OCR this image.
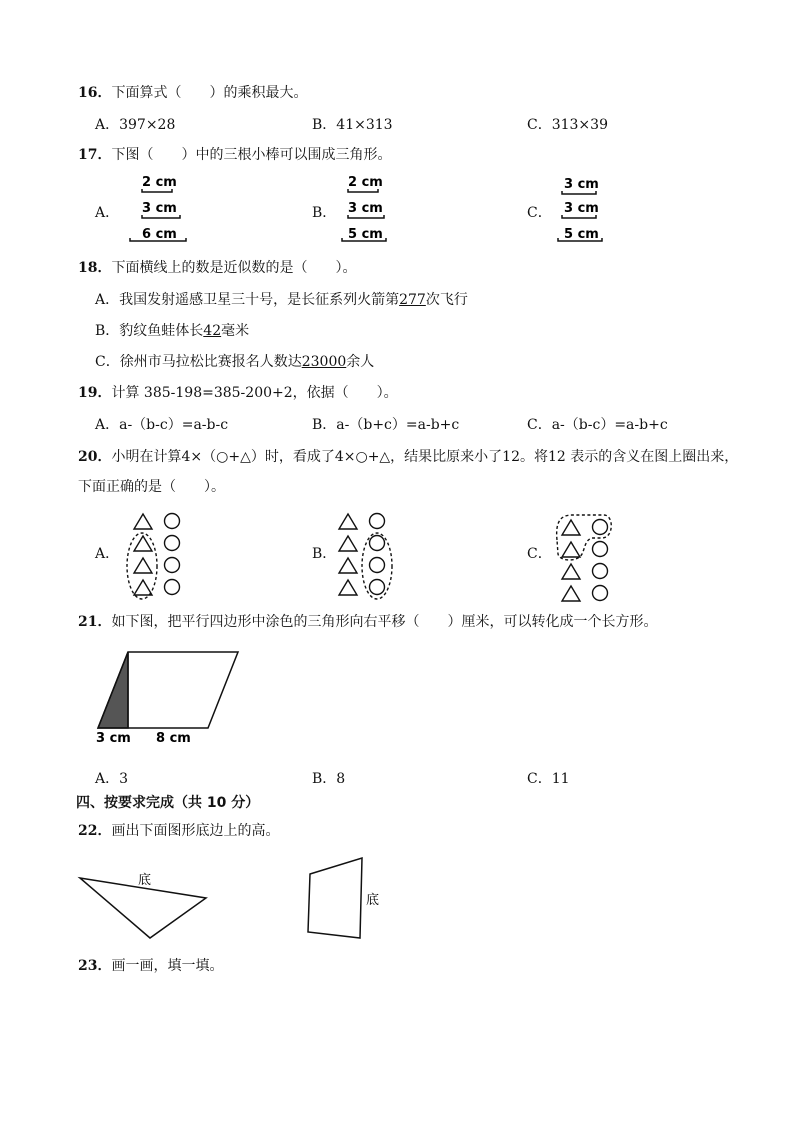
16．下面算式（　　）的乘积最大。
A．397×28	B．41×313	C．313×39
17．下图（　　）中的三根小棒可以围成三角形。
A．	B．	C．
2 cm
3 cm
6 cm
2 cm
3 cm
5 cm
3 cm
3 cm
5 cm
18．下面横线上的数是近似数的是（　　）。
A．我国发射遥感卫星三十号，是长征系列火箭第277次飞行
B．豹纹鱼蛙体长42毫米
C．徐州市马拉松比赛报名人数达23000余人
19．计算 385-198=385-200+2，依据（　　）。
A．a-（b-c）=a-b-c	B．a-（b+c）=a-b+c	C．a-（b-c）=a-b+c
20．小明在计算4×（○+△）时，看成了4×○+△，结果比原来小了12。将12 表示的含义在图上圈出来，
下面正确的是（　　）。
A．	B．	C．
21．如下图，把平行四边形中涂色的三角形向右平移（　　）厘米，可以转化成一个长方形。
3 cm 8 cm
A．3	B．8	C．11
四、按要求完成（共 10 分）
22．画出下面图形底边上的高。
底
底
23．画一画，填一填。
